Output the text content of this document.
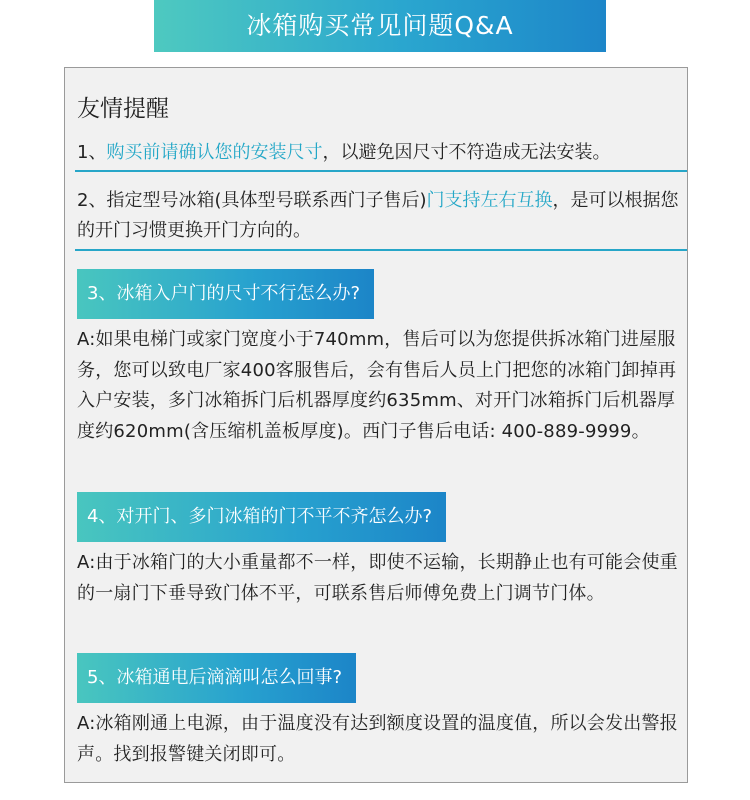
冰箱购买常见问题Q&A
友情提醒
1、购买前请确认您的安装尺寸，以避免因尺寸不符造成无法安装。
2、指定型号冰箱(具体型号联系西门子售后)门支持左右互换，是可以根据您的开门习惯更换开门方向的。
3、冰箱入户门的尺寸不行怎么办?
A:如果电梯门或家门宽度小于740mm，售后可以为您提供拆冰箱门进屋服务，您可以致电厂家400客服售后，会有售后人员上门把您的冰箱门卸掉再入户安装，多门冰箱拆门后机器厚度约635mm、对开门冰箱拆门后机器厚度约620mm(含压缩机盖板厚度)。西门子售后电话: 400-889-9999。
4、对开门、多门冰箱的门不平不齐怎么办?
A:由于冰箱门的大小重量都不一样，即使不运输，长期静止也有可能会使重的一扇门下垂导致门体不平，可联系售后师傅免费上门调节门体。
5、冰箱通电后滴滴叫怎么回事?
A:冰箱刚通上电源，由于温度没有达到额度设置的温度值，所以会发出警报声。找到报警键关闭即可。
